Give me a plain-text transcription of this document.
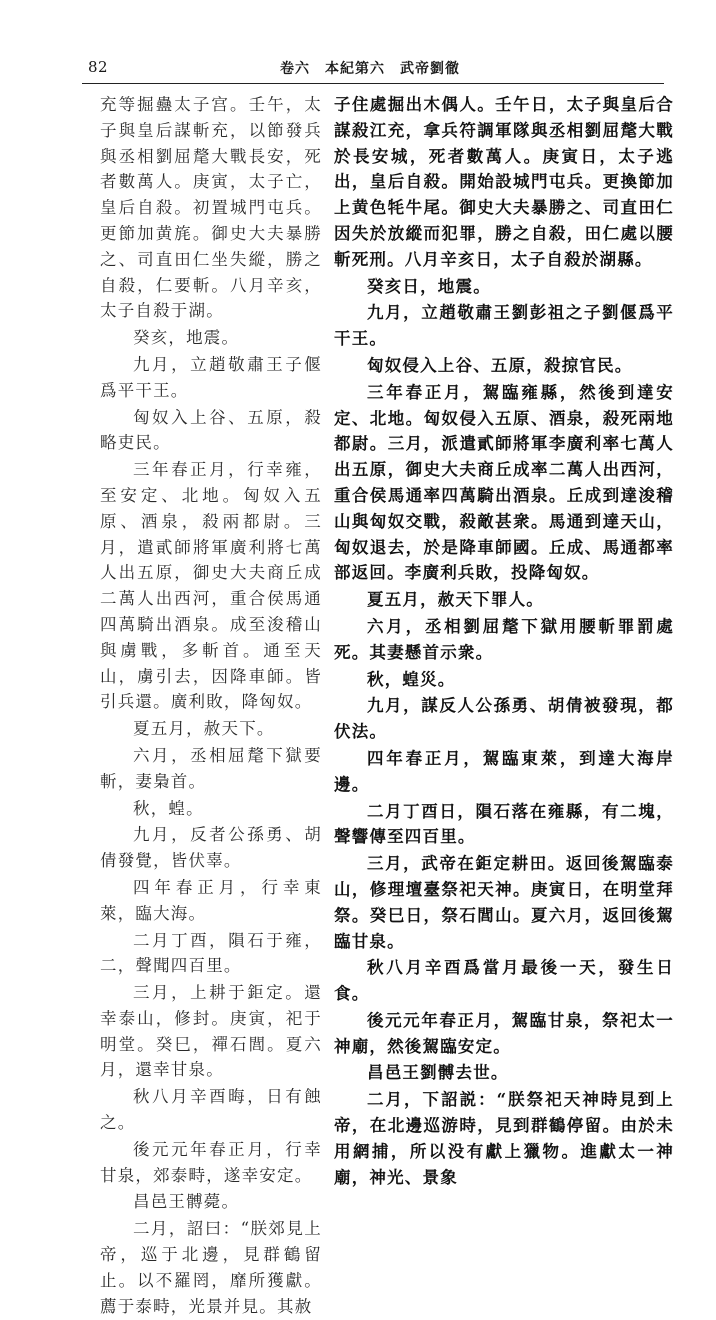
82	卷六　本紀第六　武帝劉徹

充等掘蠱太子宫。壬午，太子與皇后謀斬充，以節發兵與丞相劉屈氂大戰長安，死者數萬人。庚寅，太子亡，皇后自殺。初置城門屯兵。更節加黄旄。御史大夫暴勝之、司直田仁坐失縱，勝之自殺，仁要斬。八月辛亥，太子自殺于湖。

癸亥，地震。

九月，立趙敬肅王子偃爲平干王。

匈奴入上谷、五原，殺略吏民。

三年春正月，行幸雍，至安定、北地。匈奴入五原、酒泉，殺兩都尉。三月，遣貳師將軍廣利將七萬人出五原，御史大夫商丘成二萬人出西河，重合侯馬通四萬騎出酒泉。成至浚稽山與虜戰，多斬首。通至天山，虜引去，因降車師。皆引兵還。廣利敗，降匈奴。

夏五月，赦天下。

六月，丞相屈氂下獄要斬，妻梟首。

秋，蝗。

九月，反者公孫勇、胡倩發覺，皆伏辜。

四年春正月，行幸東萊，臨大海。

二月丁酉，隕石于雍，二，聲聞四百里。

三月，上耕于鉅定。還幸泰山，修封。庚寅，祀于明堂。癸巳，禪石閭。夏六月，還幸甘泉。

秋八月辛酉晦，日有蝕之。

後元元年春正月，行幸甘泉，郊泰畤，遂幸安定。

昌邑王髆薨。

二月，詔曰：“朕郊見上帝，巡于北邊，見群鶴留止。以不羅罔，靡所獲獻。薦于泰畤，光景并見。其赦

子住處掘出木偶人。壬午日，太子與皇后合謀殺江充，拿兵符調軍隊與丞相劉屈氂大戰於長安城，死者數萬人。庚寅日，太子逃出，皇后自殺。開始設城門屯兵。更換節加上黄色牦牛尾。御史大夫暴勝之、司直田仁因失於放縱而犯罪，勝之自殺，田仁處以腰斬死刑。八月辛亥日，太子自殺於湖縣。

癸亥日，地震。

九月，立趙敬肅王劉彭祖之子劉偃爲平干王。

匈奴侵入上谷、五原，殺掠官民。

三年春正月，駕臨雍縣，然後到達安定、北地。匈奴侵入五原、酒泉，殺死兩地都尉。三月，派遣貳師將軍李廣利率七萬人出五原，御史大夫商丘成率二萬人出西河，重合侯馬通率四萬騎出酒泉。丘成到達浚稽山與匈奴交戰，殺敵甚衆。馬通到達天山，匈奴退去，於是降車師國。丘成、馬通都率部返回。李廣利兵敗，投降匈奴。

夏五月，赦天下罪人。

六月，丞相劉屈氂下獄用腰斬罪罰處死。其妻懸首示衆。

秋，蝗災。

九月，謀反人公孫勇、胡倩被發現，都伏法。

四年春正月，駕臨東萊，到達大海岸邊。

二月丁酉日，隕石落在雍縣，有二塊，聲響傳至四百里。

三月，武帝在鉅定耕田。返回後駕臨泰山，修理壇臺祭祀天神。庚寅日，在明堂拜祭。癸巳日，祭石閭山。夏六月，返回後駕臨甘泉。

秋八月辛酉爲當月最後一天，發生日食。

後元元年春正月，駕臨甘泉，祭祀太一神廟，然後駕臨安定。

昌邑王劉髆去世。

二月，下詔説：“朕祭祀天神時見到上帝，在北邊巡游時，見到群鶴停留。由於未用網捕，所以没有獻上獵物。進獻太一神廟，神光、景象
